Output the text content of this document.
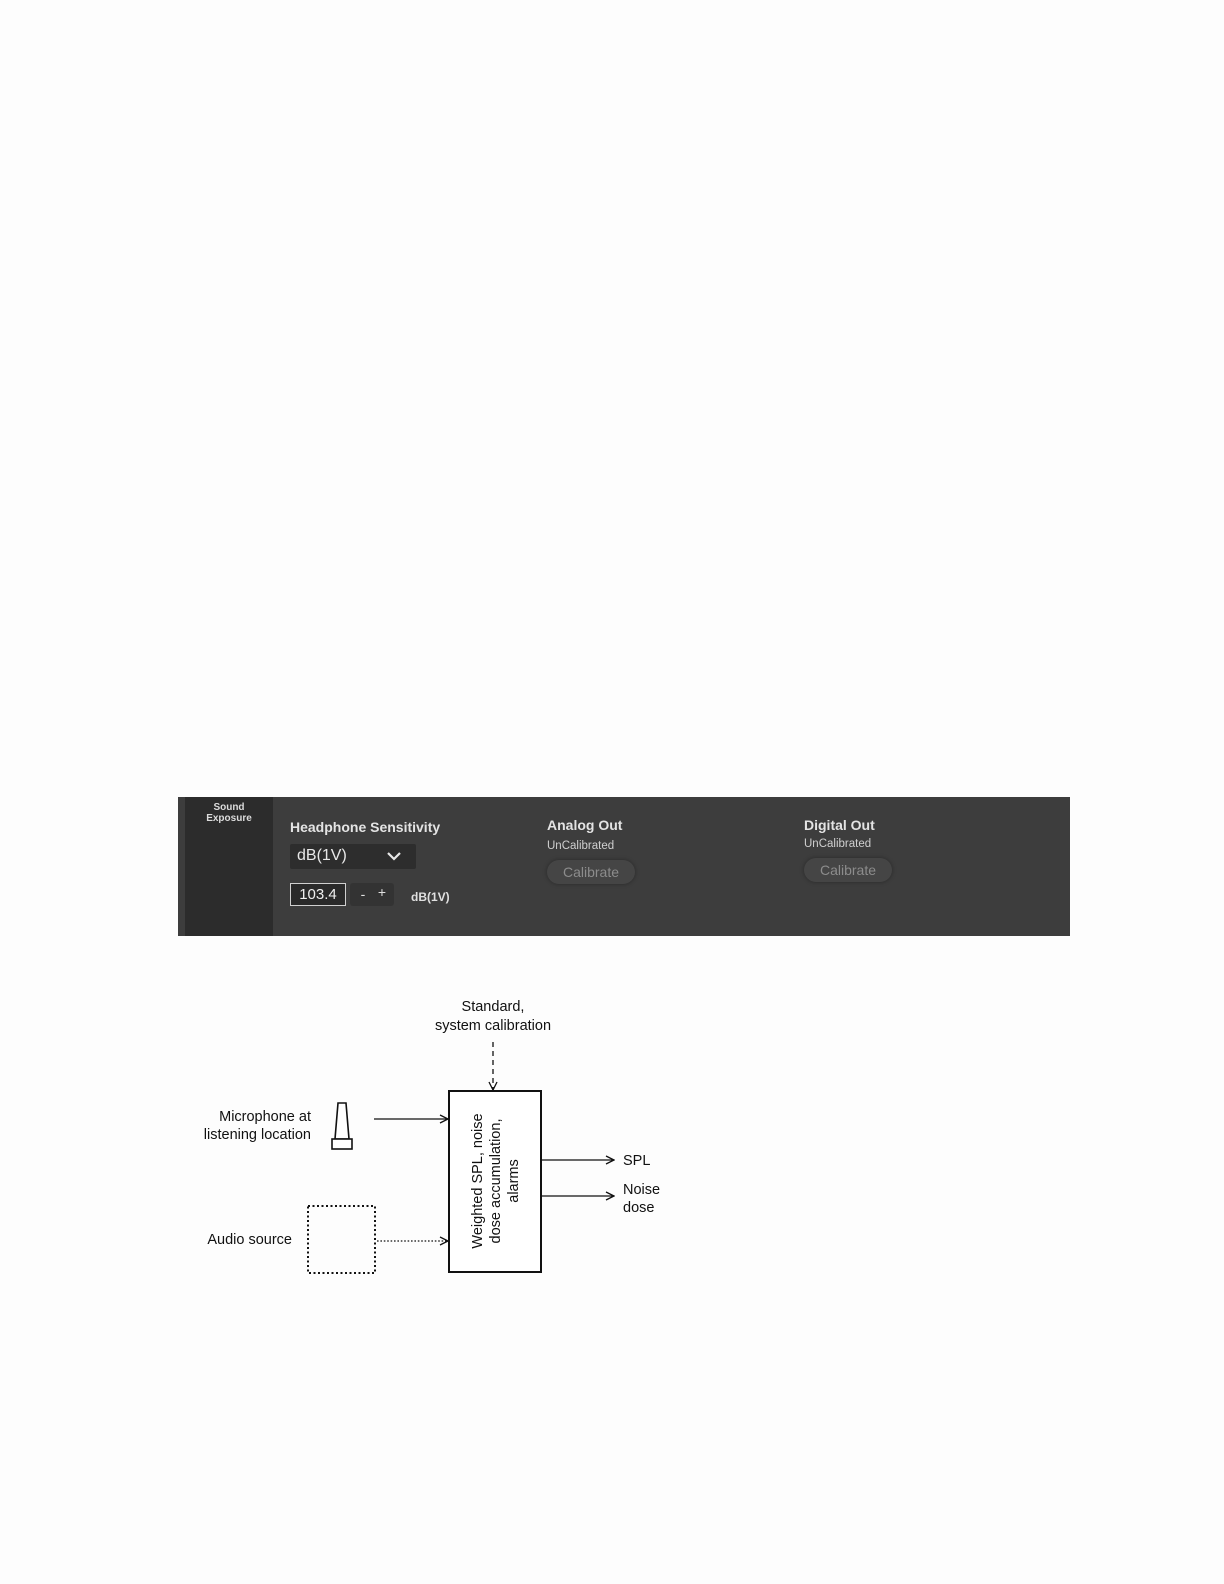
Sound
Exposure
Headphone Sensitivity
dB(1V)
103.4	- + dB(1V)
Analog Out
UnCalibrated
Calibrate
Digital Out
UnCalibrated
Calibrate
Standard,
system calibration
Weighted SPL, noise dose accumulation, alarms
Microphone at
listening location
Audio source
SPL
Noise
dose
